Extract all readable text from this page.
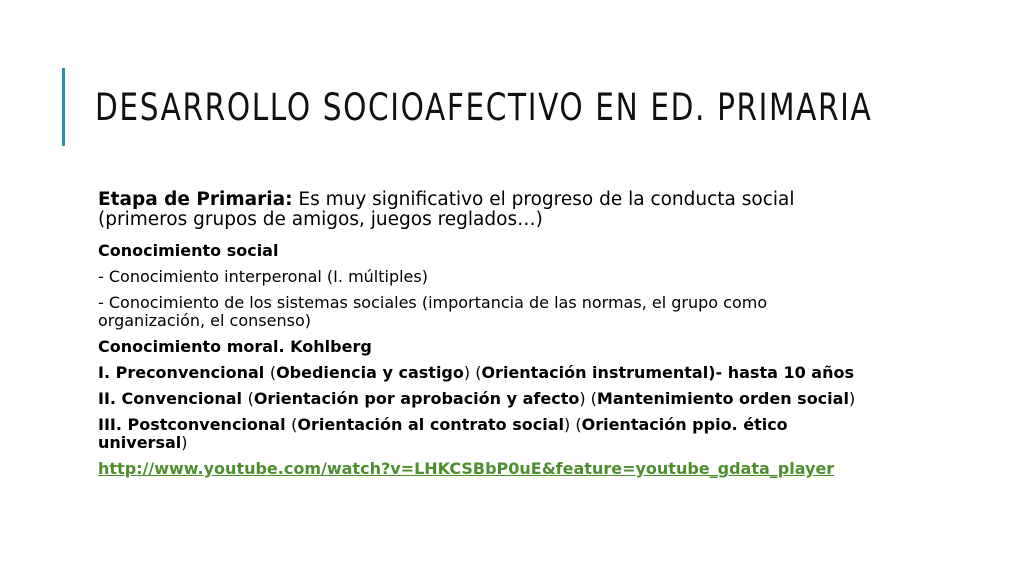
DESARROLLO SOCIOAFECTIVO EN ED. PRIMARIA

Etapa de Primaria: Es muy significativo el progreso de la conducta social (primeros grupos de amigos, juegos reglados…)

Conocimiento social

- Conocimiento interperonal (I. múltiples)

- Conocimiento de los sistemas sociales (importancia de las normas, el grupo como organización, el consenso)

Conocimiento moral. Kohlberg

I. Preconvencional (Obediencia y castigo) (Orientación instrumental)- hasta 10 años

II. Convencional (Orientación por aprobación y afecto) (Mantenimiento orden social)

III. Postconvencional (Orientación al contrato social) (Orientación ppio. ético universal)

http://www.youtube.com/watch?v=LHKCSBbP0uE&feature=youtube_gdata_player
